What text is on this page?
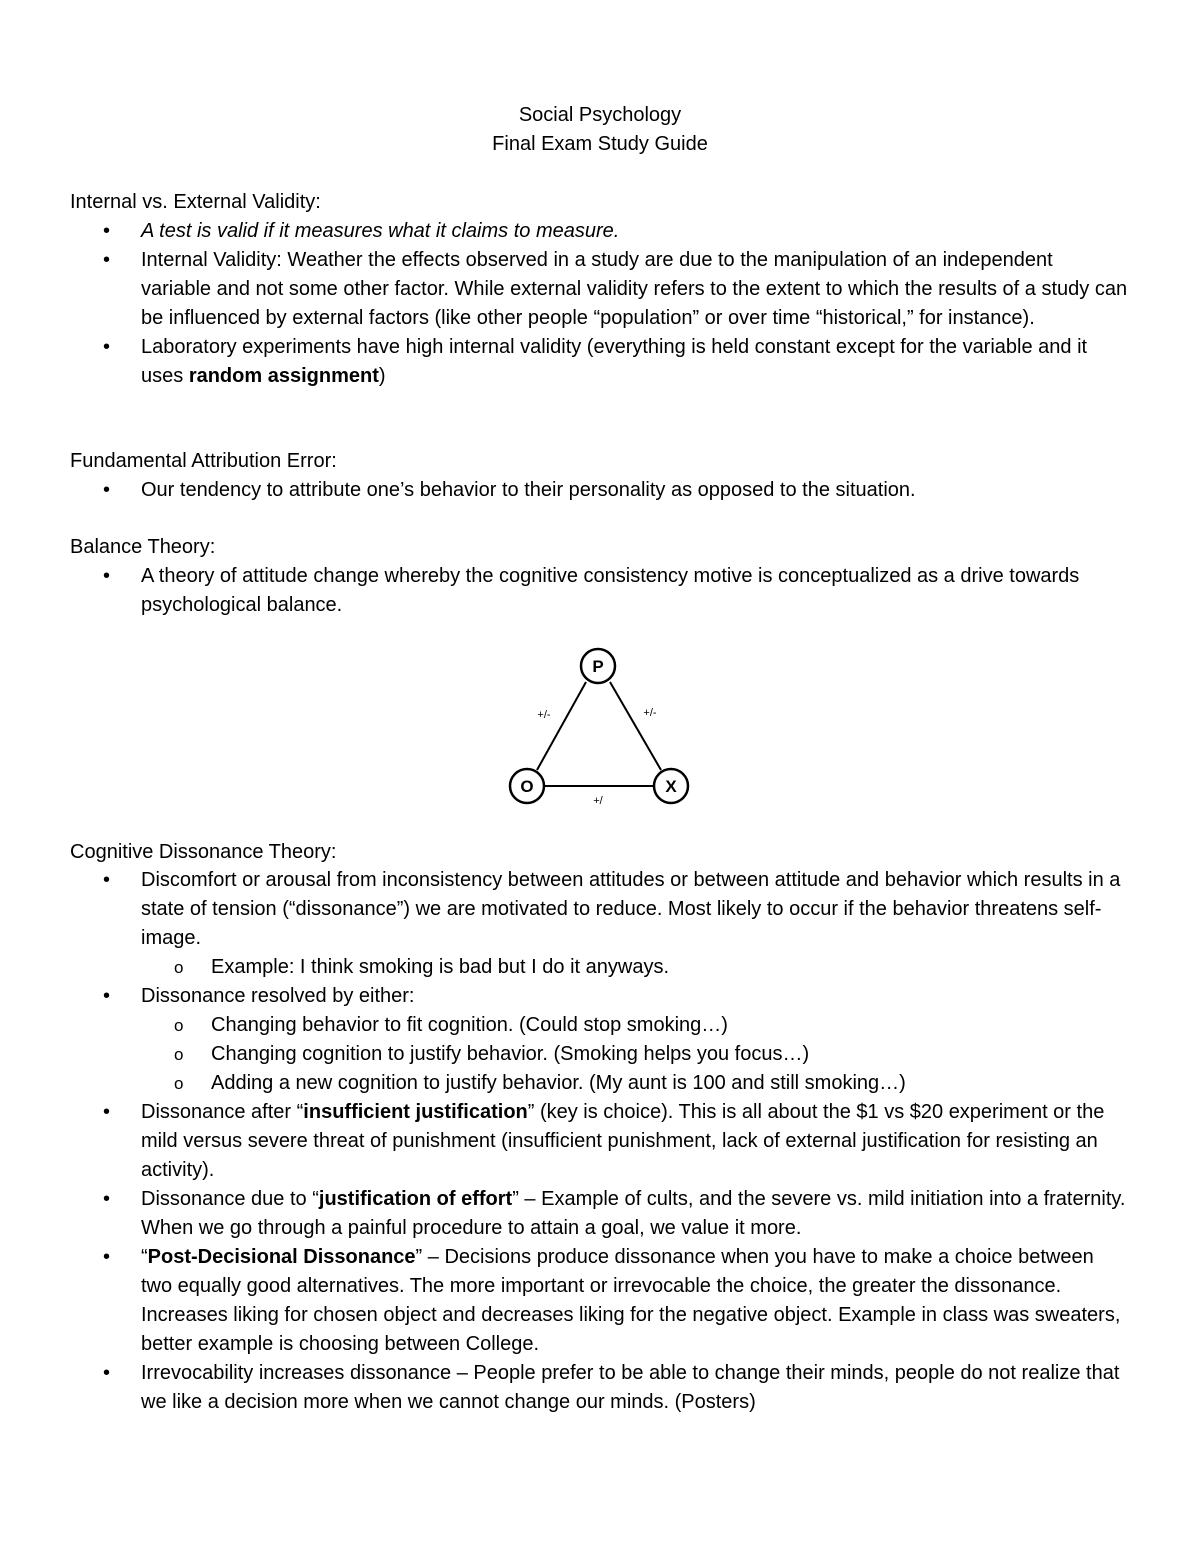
Social Psychology
Final Exam Study Guide
Internal vs. External Validity:
• A test is valid if it measures what it claims to measure.
• Internal Validity: Weather the effects observed in a study are due to the manipulation of an independent variable and not some other factor. While external validity refers to the extent to which the results of a study can be influenced by external factors (like other people “population” or over time “historical,” for instance).
• Laboratory experiments have high internal validity (everything is held constant except for the variable and it uses random assignment)
Fundamental Attribution Error:
• Our tendency to attribute one’s behavior to their personality as opposed to the situation.
Balance Theory:
• A theory of attitude change whereby the cognitive consistency motive is conceptualized as a drive towards psychological balance.
P
O	X
+/-	+/-
+/
Cognitive Dissonance Theory:
• Discomfort or arousal from inconsistency between attitudes or between attitude and behavior which results in a state of tension (“dissonance”) we are motivated to reduce. Most likely to occur if the behavior threatens self-image.
o Example: I think smoking is bad but I do it anyways.
• Dissonance resolved by either:
o Changing behavior to fit cognition. (Could stop smoking…)
o Changing cognition to justify behavior. (Smoking helps you focus…)
o Adding a new cognition to justify behavior. (My aunt is 100 and still smoking…)
• Dissonance after “insufficient justification” (key is choice). This is all about the $1 vs $20 experiment or the mild versus severe threat of punishment (insufficient punishment, lack of external justification for resisting an activity).
• Dissonance due to “justification of effort” – Example of cults, and the severe vs. mild initiation into a fraternity. When we go through a painful procedure to attain a goal, we value it more.
• “Post-Decisional Dissonance” – Decisions produce dissonance when you have to make a choice between two equally good alternatives. The more important or irrevocable the choice, the greater the dissonance. Increases liking for chosen object and decreases liking for the negative object. Example in class was sweaters, better example is choosing between College.
• Irrevocability increases dissonance – People prefer to be able to change their minds, people do not realize that we like a decision more when we cannot change our minds. (Posters)
